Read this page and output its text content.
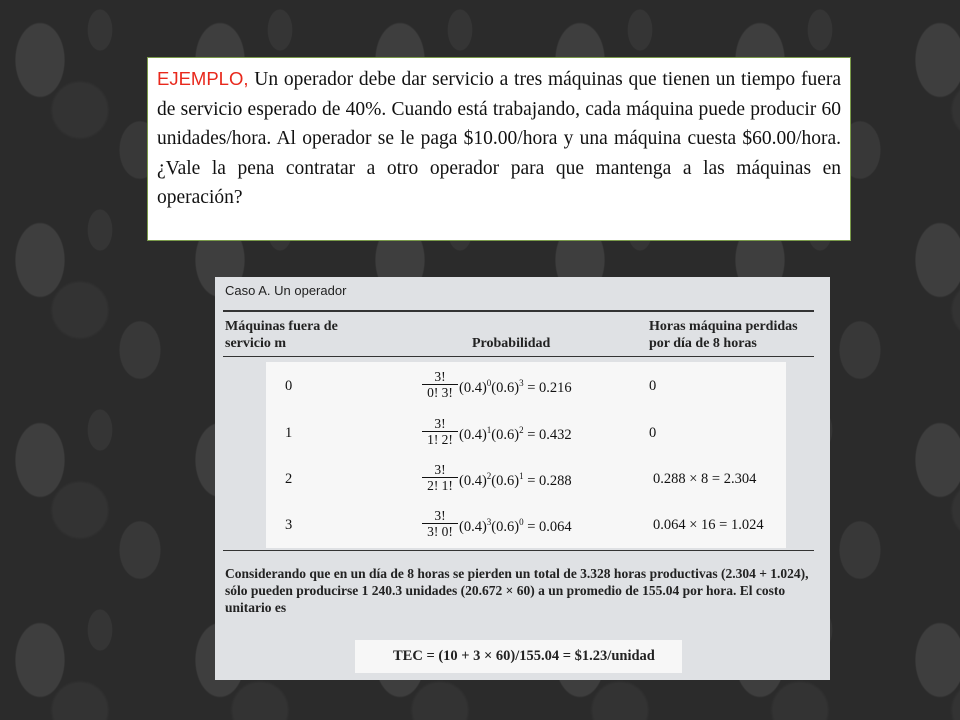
EJEMPLO, Un operador debe dar servicio a tres máquinas que tienen un tiempo fuera de servicio esperado de 40%. Cuando está trabajando, cada máquina puede producir 60 unidades/hora. Al operador se le paga $10.00/hora y una máquina cuesta $60.00/hora. ¿Vale la pena contratar a otro operador para que mantenga a las máquinas en operación?
Caso A. Un operador
Máquinas fuera de
servicio m	Probabilidad
Horas máquina perdidas
por día de 8 horas
0	$\frac{3!}{0! 3!} (0.4)^0(0.6)^3 = 0.216$	0
1	$\frac{3!}{1! 2!} (0.4)^1(0.6)^2 = 0.432$	0
2	$\frac{3!}{2! 1!} (0.4)^2(0.6)^1 = 0.288$	0.288 × 8 = 2.304
3	$\frac{3!}{3! 0!} (0.4)^3(0.6)^0 = 0.064$	0.064 × 16 = 1.024
Considerando que en un día de 8 horas se pierden un total de 3.328 horas productivas (2.304 + 1.024), sólo pueden producirse 1 240.3 unidades (20.672 × 60) a un promedio de 155.04 por hora. El costo unitario es
TEC = (10 + 3 × 60)/155.04 = $1.23/unidad
